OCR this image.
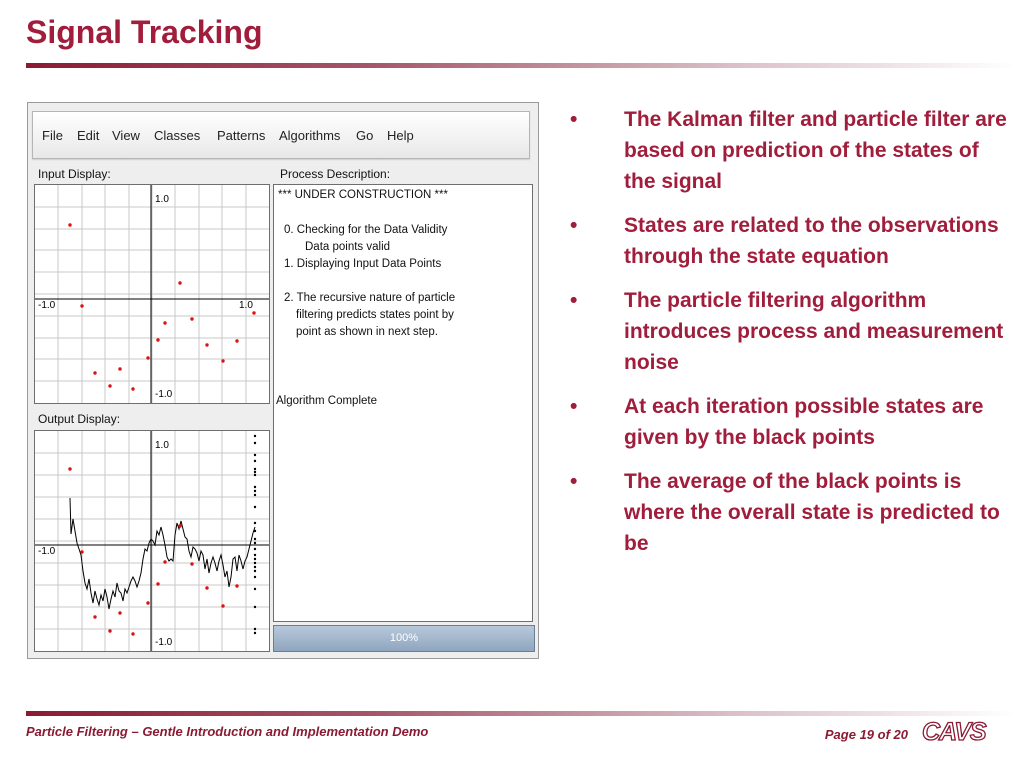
Signal Tracking
File Edit View Classes Patterns Algorithms Go Help
Input Display:	Process Description:
Output Display:
1.0
-1.0
-1.0	1.0
1.0
-1.0
-1.0
*** UNDER CONSTRUCTION ***
0. Checking for the Data Validity
Data points valid
1. Displaying Input Data Points
2. The recursive nature of particle
filtering predicts states point by
point as shown in next step.
Algorithm Complete
100%
• The Kalman filter and particle filter are based on prediction of the states of the signal
• States are related to the observations through the state equation
• The particle filtering algorithm introduces process and measurement noise
• At each iteration possible states are given by the black points
• The average of the black points is where the overall state is predicted to be
Particle Filtering – Gentle Introduction and Implementation Demo	Page 19 of 20 CAVS
